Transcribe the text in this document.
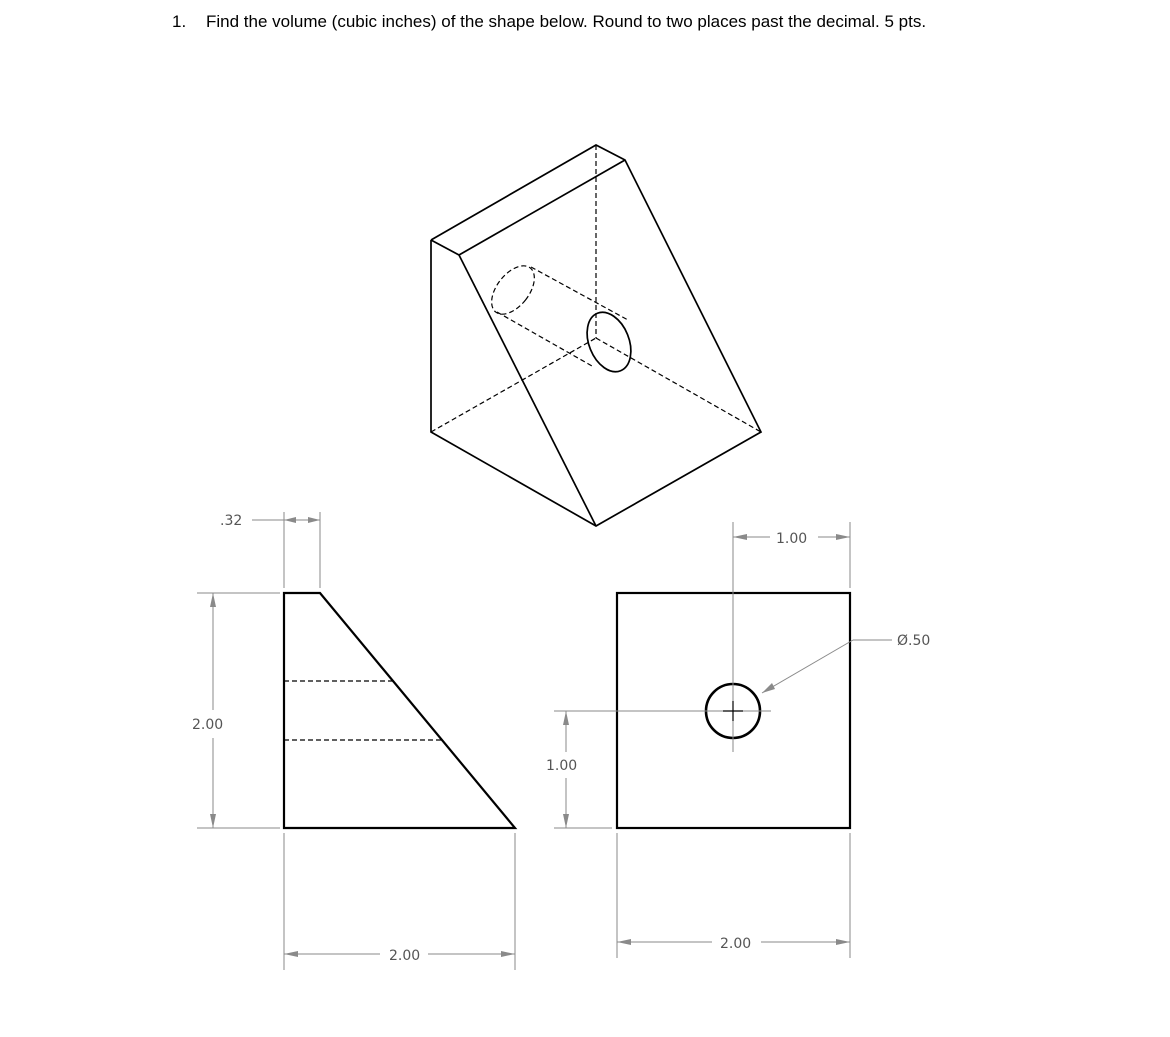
1. Find the volume (cubic inches) of the shape below. Round to two places past the decimal. 5 pts.
.32
2.00
2.00
1.00
1.00
2.00
Ø.50
